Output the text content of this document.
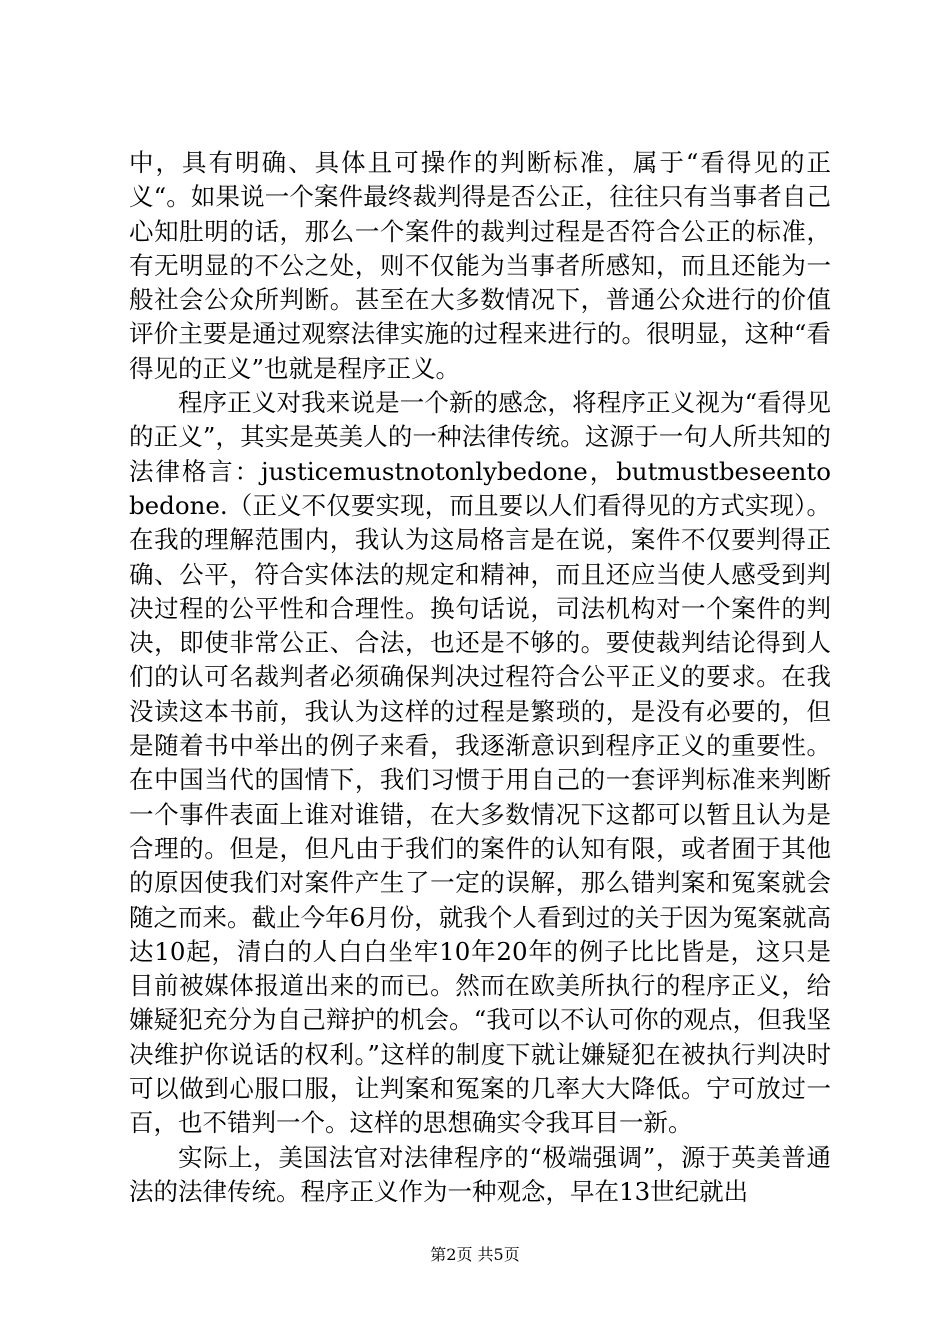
中，具有明确、具体且可操作的判断标准，属于“看得见的正义“。如果说一个案件最终裁判得是否公正，往往只有当事者自己心知肚明的话，那么一个案件的裁判过程是否符合公正的标准，有无明显的不公之处，则不仅能为当事者所感知，而且还能为一般社会公众所判断。甚至在大多数情况下，普通公众进行的价值评价主要是通过观察法律实施的过程来进行的。很明显，这种“看得见的正义”也就是程序正义。

程序正义对我来说是一个新的感念，将程序正义视为“看得见的正义”，其实是英美人的一种法律传统。这源于一句人所共知的法律格言：justicemustnotonlybedone，butmustbeseentobedone.（正义不仅要实现，而且要以人们看得见的方式实现）。在我的理解范围内，我认为这局格言是在说，案件不仅要判得正确、公平，符合实体法的规定和精神，而且还应当使人感受到判决过程的公平性和合理性。换句话说，司法机构对一个案件的判决，即使非常公正、合法，也还是不够的。要使裁判结论得到人们的认可名裁判者必须确保判决过程符合公平正义的要求。在我没读这本书前，我认为这样的过程是繁琐的，是没有必要的，但是随着书中举出的例子来看，我逐渐意识到程序正义的重要性。在中国当代的国情下，我们习惯于用自己的一套评判标准来判断一个事件表面上谁对谁错，在大多数情况下这都可以暂且认为是合理的。但是，但凡由于我们的案件的认知有限，或者囿于其他的原因使我们对案件产生了一定的误解，那么错判案和冤案就会随之而来。截止今年6月份，就我个人看到过的关于因为冤案就高达10起，清白的人白白坐牢10年20年的例子比比皆是，这只是目前被媒体报道出来的而已。然而在欧美所执行的程序正义，给嫌疑犯充分为自己辩护的机会。“我可以不认可你的观点，但我坚决维护你说话的权利。”这样的制度下就让嫌疑犯在被执行判决时可以做到心服口服，让判案和冤案的几率大大降低。宁可放过一百，也不错判一个。这样的思想确实令我耳目一新。

实际上，美国法官对法律程序的“极端强调”，源于英美普通法的法律传统。程序正义作为一种观念，早在13世纪就出

第2页 共5页
